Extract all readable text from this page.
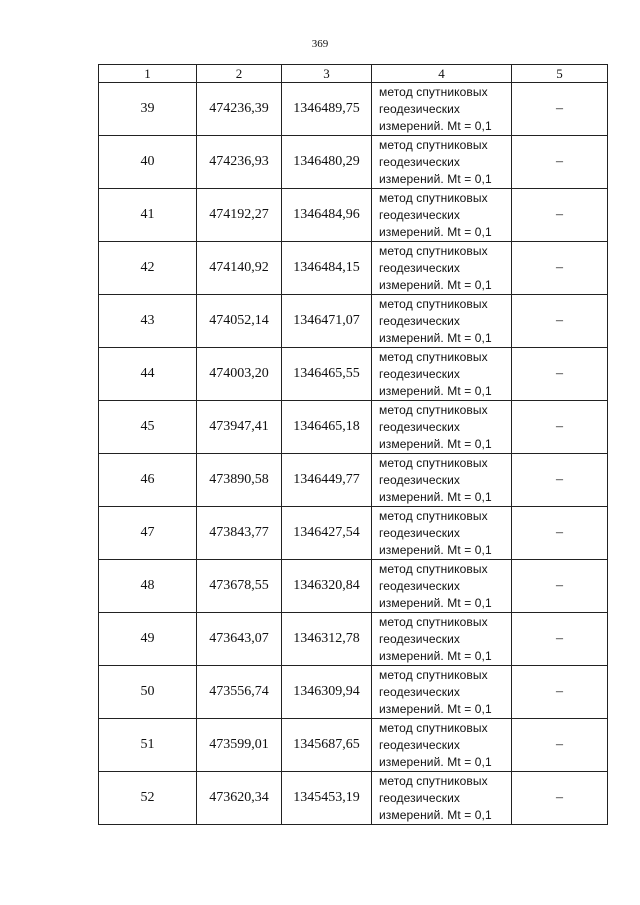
369
1	2	3	4	5
39	474236,39	1346489,75	метод спутниковых
геодезических
измерений. Mt = 0,1	–
40	474236,93	1346480,29	метод спутниковых
геодезических
измерений. Mt = 0,1	–
41	474192,27	1346484,96	метод спутниковых
геодезических
измерений. Mt = 0,1	–
42	474140,92	1346484,15	метод спутниковых
геодезических
измерений. Mt = 0,1	–
43	474052,14	1346471,07	метод спутниковых
геодезических
измерений. Mt = 0,1	–
44	474003,20	1346465,55	метод спутниковых
геодезических
измерений. Mt = 0,1	–
45	473947,41	1346465,18	метод спутниковых
геодезических
измерений. Mt = 0,1	–
46	473890,58	1346449,77	метод спутниковых
геодезических
измерений. Mt = 0,1	–
47	473843,77	1346427,54	метод спутниковых
геодезических
измерений. Mt = 0,1	–
48	473678,55	1346320,84	метод спутниковых
геодезических
измерений. Mt = 0,1	–
49	473643,07	1346312,78	метод спутниковых
геодезических
измерений. Mt = 0,1	–
50	473556,74	1346309,94	метод спутниковых
геодезических
измерений. Mt = 0,1	–
51	473599,01	1345687,65	метод спутниковых
геодезических
измерений. Mt = 0,1	–
52	473620,34	1345453,19	метод спутниковых
геодезических
измерений. Mt = 0,1	–
